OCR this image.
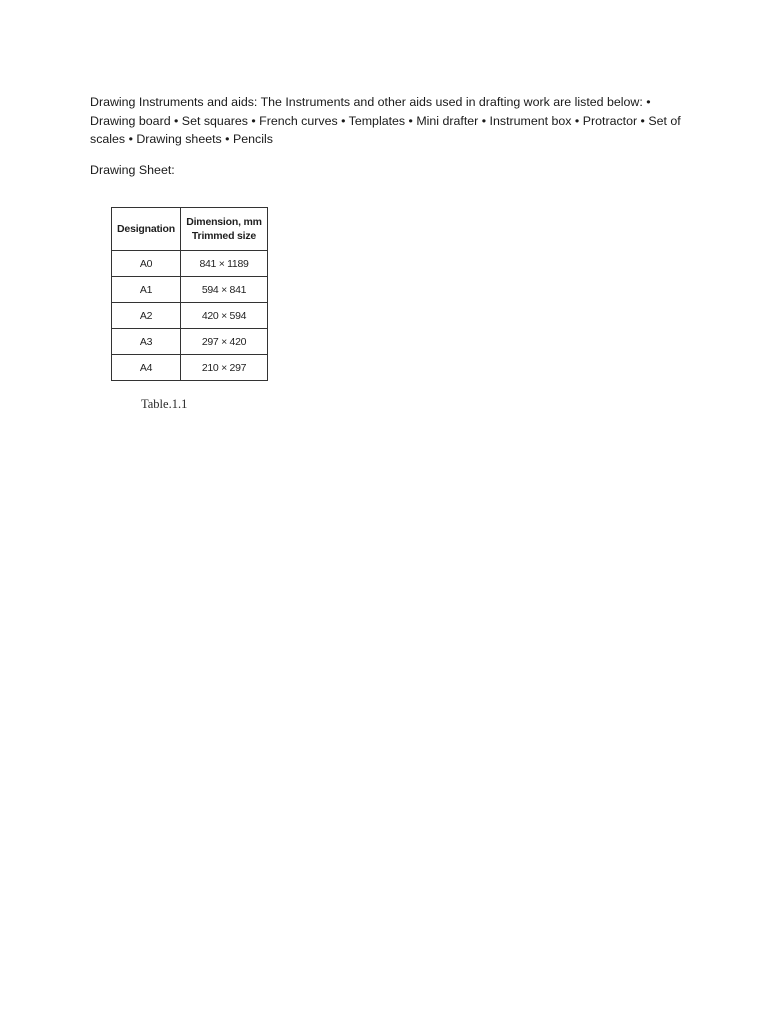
Drawing Instruments and aids: The Instruments and other aids used in drafting work are listed below: • Drawing board • Set squares • French curves • Templates • Mini drafter • Instrument box • Protractor • Set of scales • Drawing sheets • Pencils

Drawing Sheet:

Designation	Dimension, mm
Trimmed size

A0	841 × 1189
A1	594 × 841
A2	420 × 594
A3	297 × 420
A4	210 × 297

Table.1.1
